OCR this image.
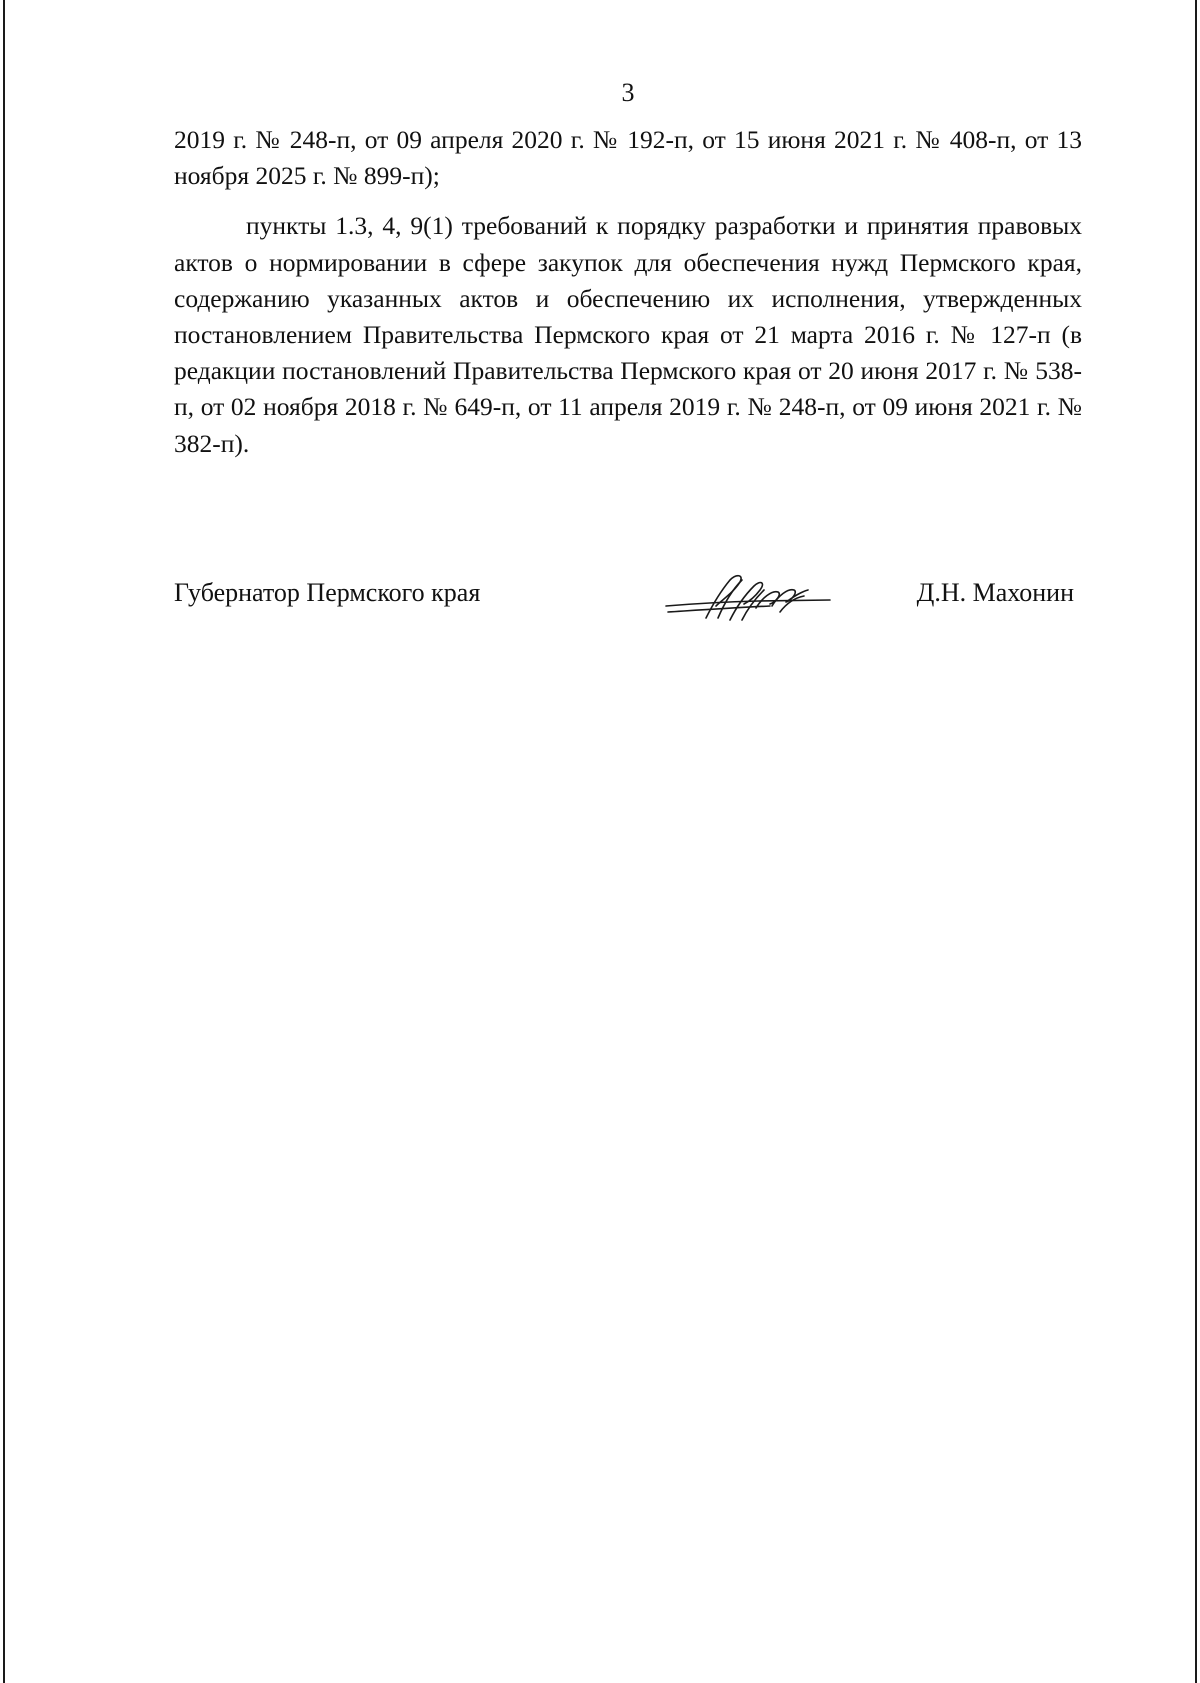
3

2019 г. № 248-п, от 09 апреля 2020 г. № 192-п, от 15 июня 2021 г. № 408-п, от 13 ноября 2025 г. № 899-п);

пункты 1.3, 4, 9(1) требований к порядку разработки и принятия правовых актов о нормировании в сфере закупок для обеспечения нужд Пермского края, содержанию указанных актов и обеспечению их исполнения, утвержденных постановлением Правительства Пермского края от 21 марта 2016 г. № 127-п (в редакции постановлений Правительства Пермского края от 20 июня 2017 г. № 538-п, от 02 ноября 2018 г. № 649-п, от 11 апреля 2019 г. № 248-п, от 09 июня 2021 г. № 382-п).

Губернатор Пермского края	Д.Н. Махонин
